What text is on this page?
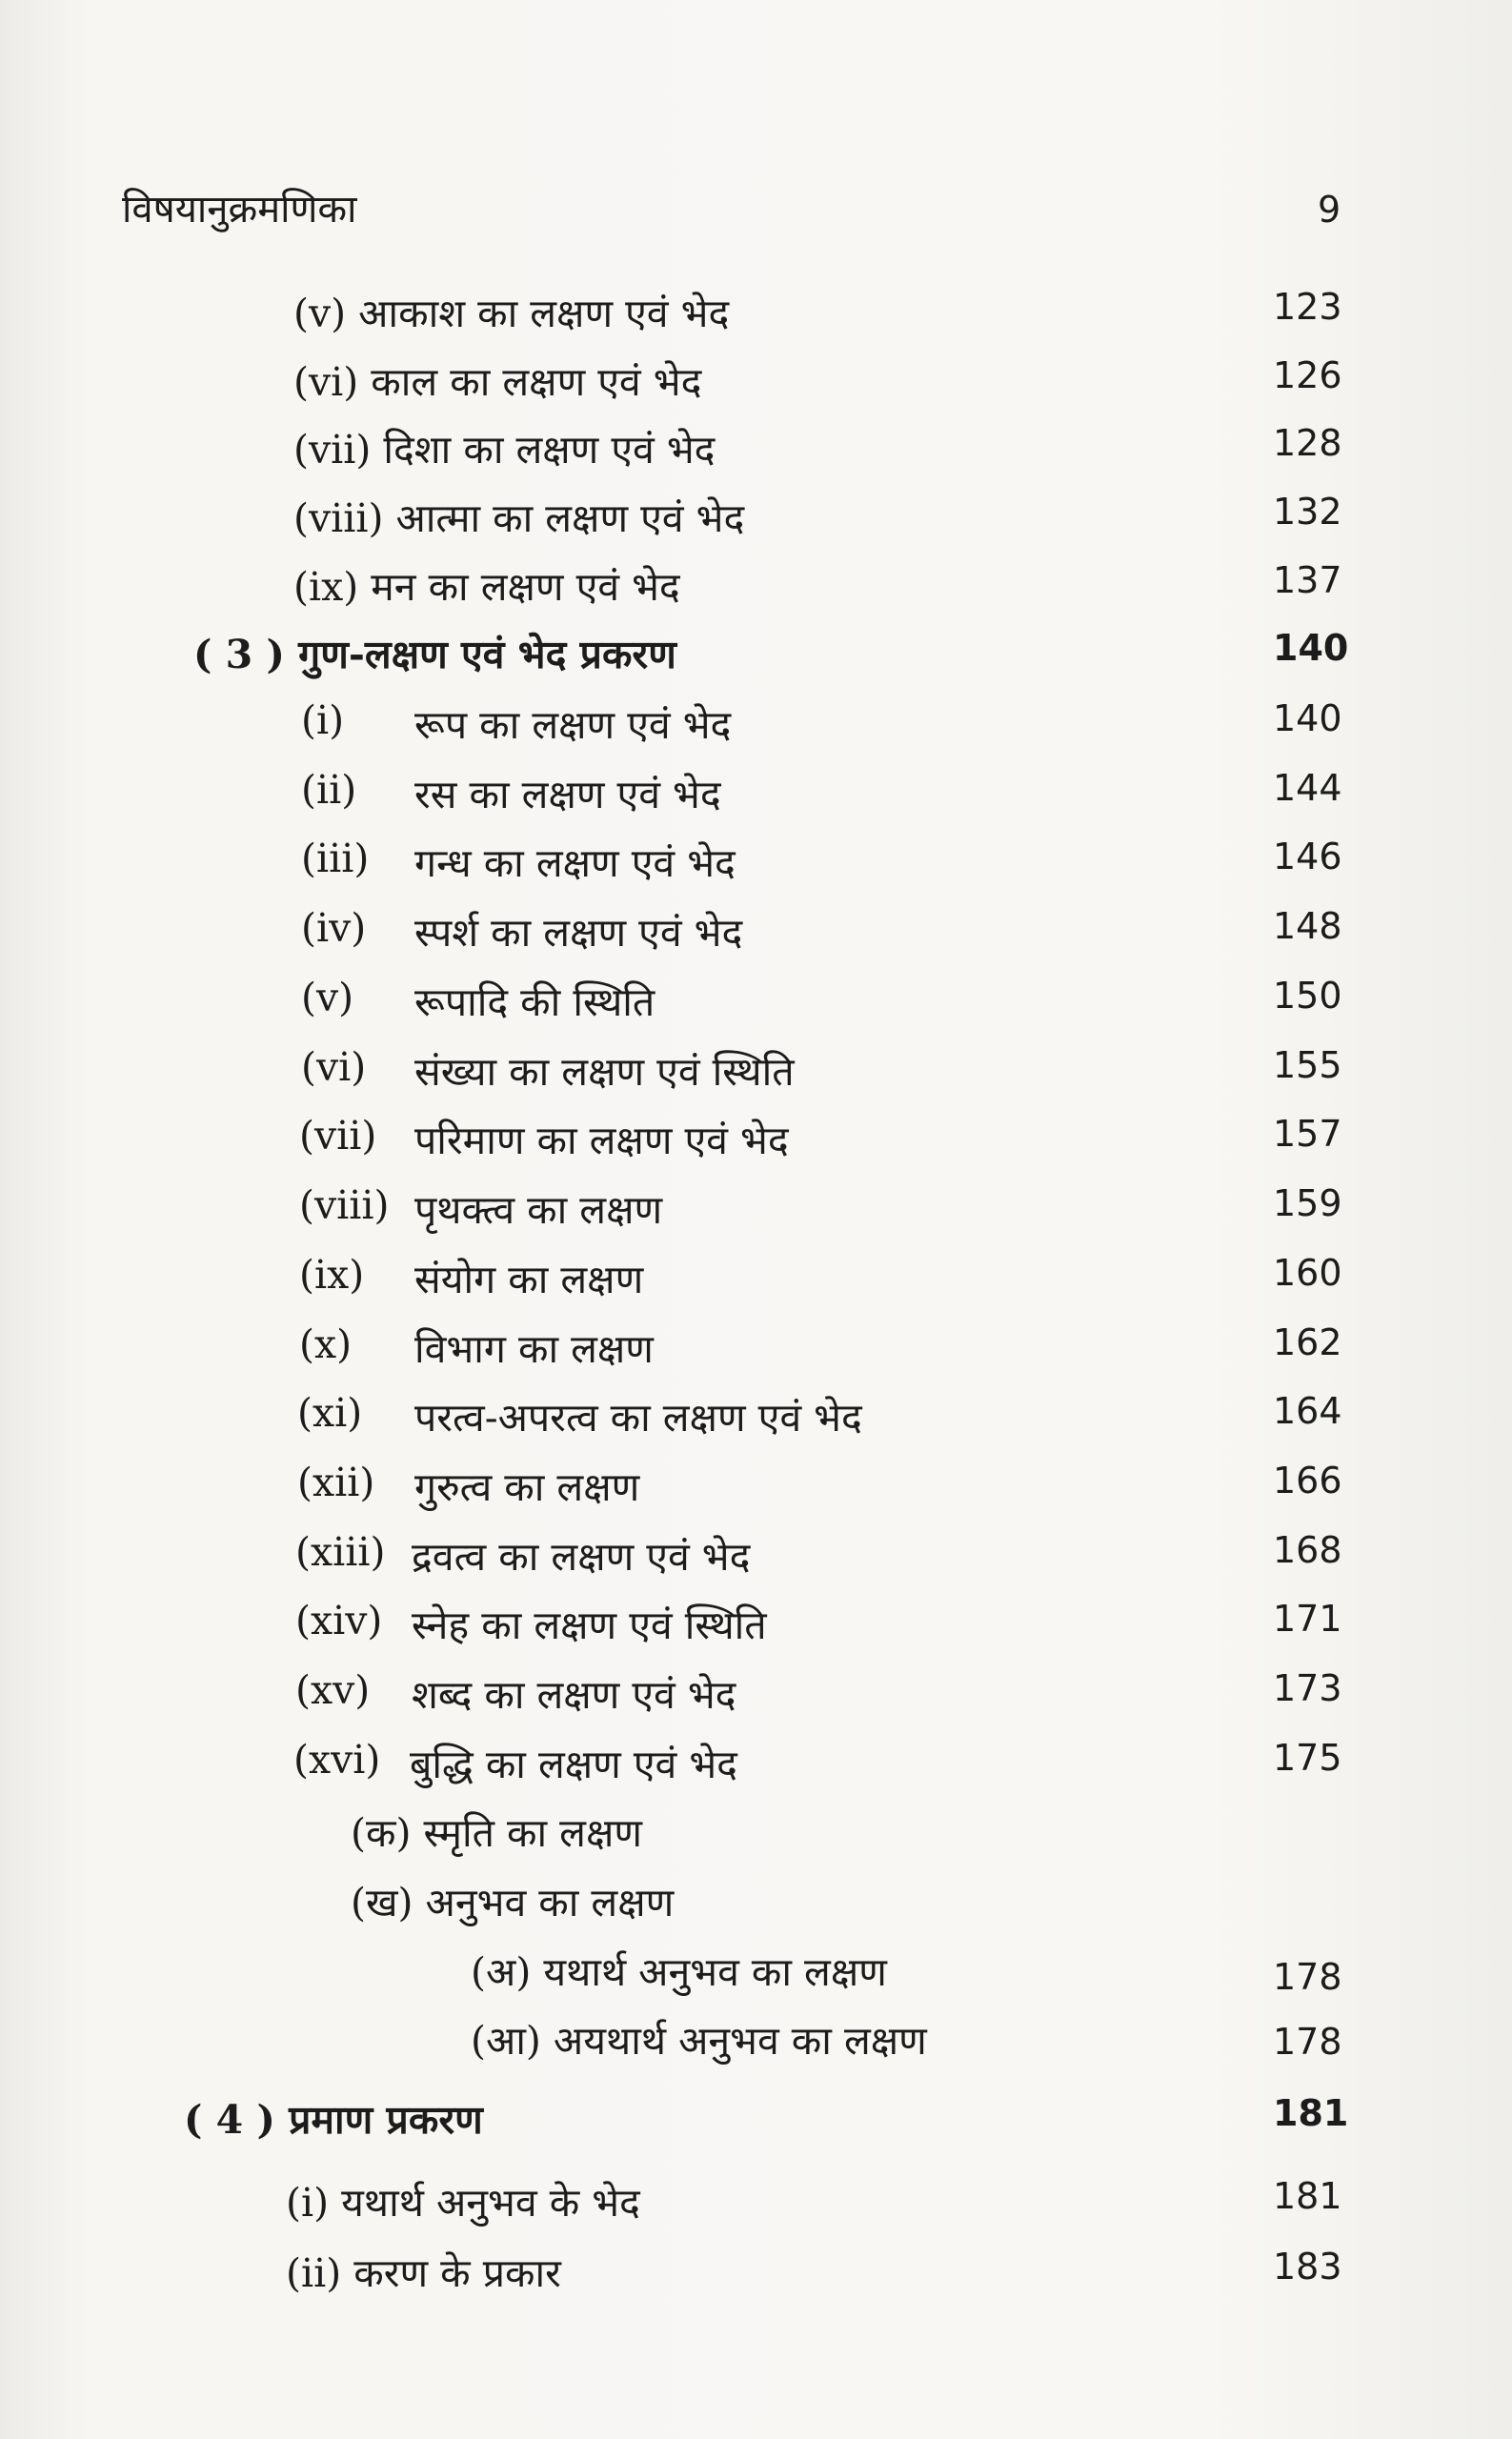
विषयानुक्रमणिका	9
(v) आकाश का लक्षण एवं भेद	123
(vi) काल का लक्षण एवं भेद	126
(vii) दिशा का लक्षण एवं भेद	128
(viii) आत्मा का लक्षण एवं भेद	132
(ix) मन का लक्षण एवं भेद	137
( 3 ) गुण-लक्षण एवं भेद प्रकरण	140
(i) रूप का लक्षण एवं भेद	140
(ii) रस का लक्षण एवं भेद	144
(iii) गन्ध का लक्षण एवं भेद	146
(iv) स्पर्श का लक्षण एवं भेद	148
(v) रूपादि की स्थिति	150
(vi) संख्या का लक्षण एवं स्थिति	155
(vii) परिमाण का लक्षण एवं भेद	157
(viii) पृथक्त्व का लक्षण	159
(ix) संयोग का लक्षण	160
(x) विभाग का लक्षण	162
(xi) परत्व-अपरत्व का लक्षण एवं भेद	164
(xii) गुरुत्व का लक्षण	166
(xiii) द्रवत्व का लक्षण एवं भेद	168
(xiv) स्नेह का लक्षण एवं स्थिति	171
(xv) शब्द का लक्षण एवं भेद	173
(xvi) बुद्धि का लक्षण एवं भेद	175
(क) स्मृति का लक्षण
(ख) अनुभव का लक्षण
(अ) यथार्थ अनुभव का लक्षण	178
(आ) अयथार्थ अनुभव का लक्षण	178
( 4 ) प्रमाण प्रकरण	181
(i) यथार्थ अनुभव के भेद	181
(ii) करण के प्रकार	183
